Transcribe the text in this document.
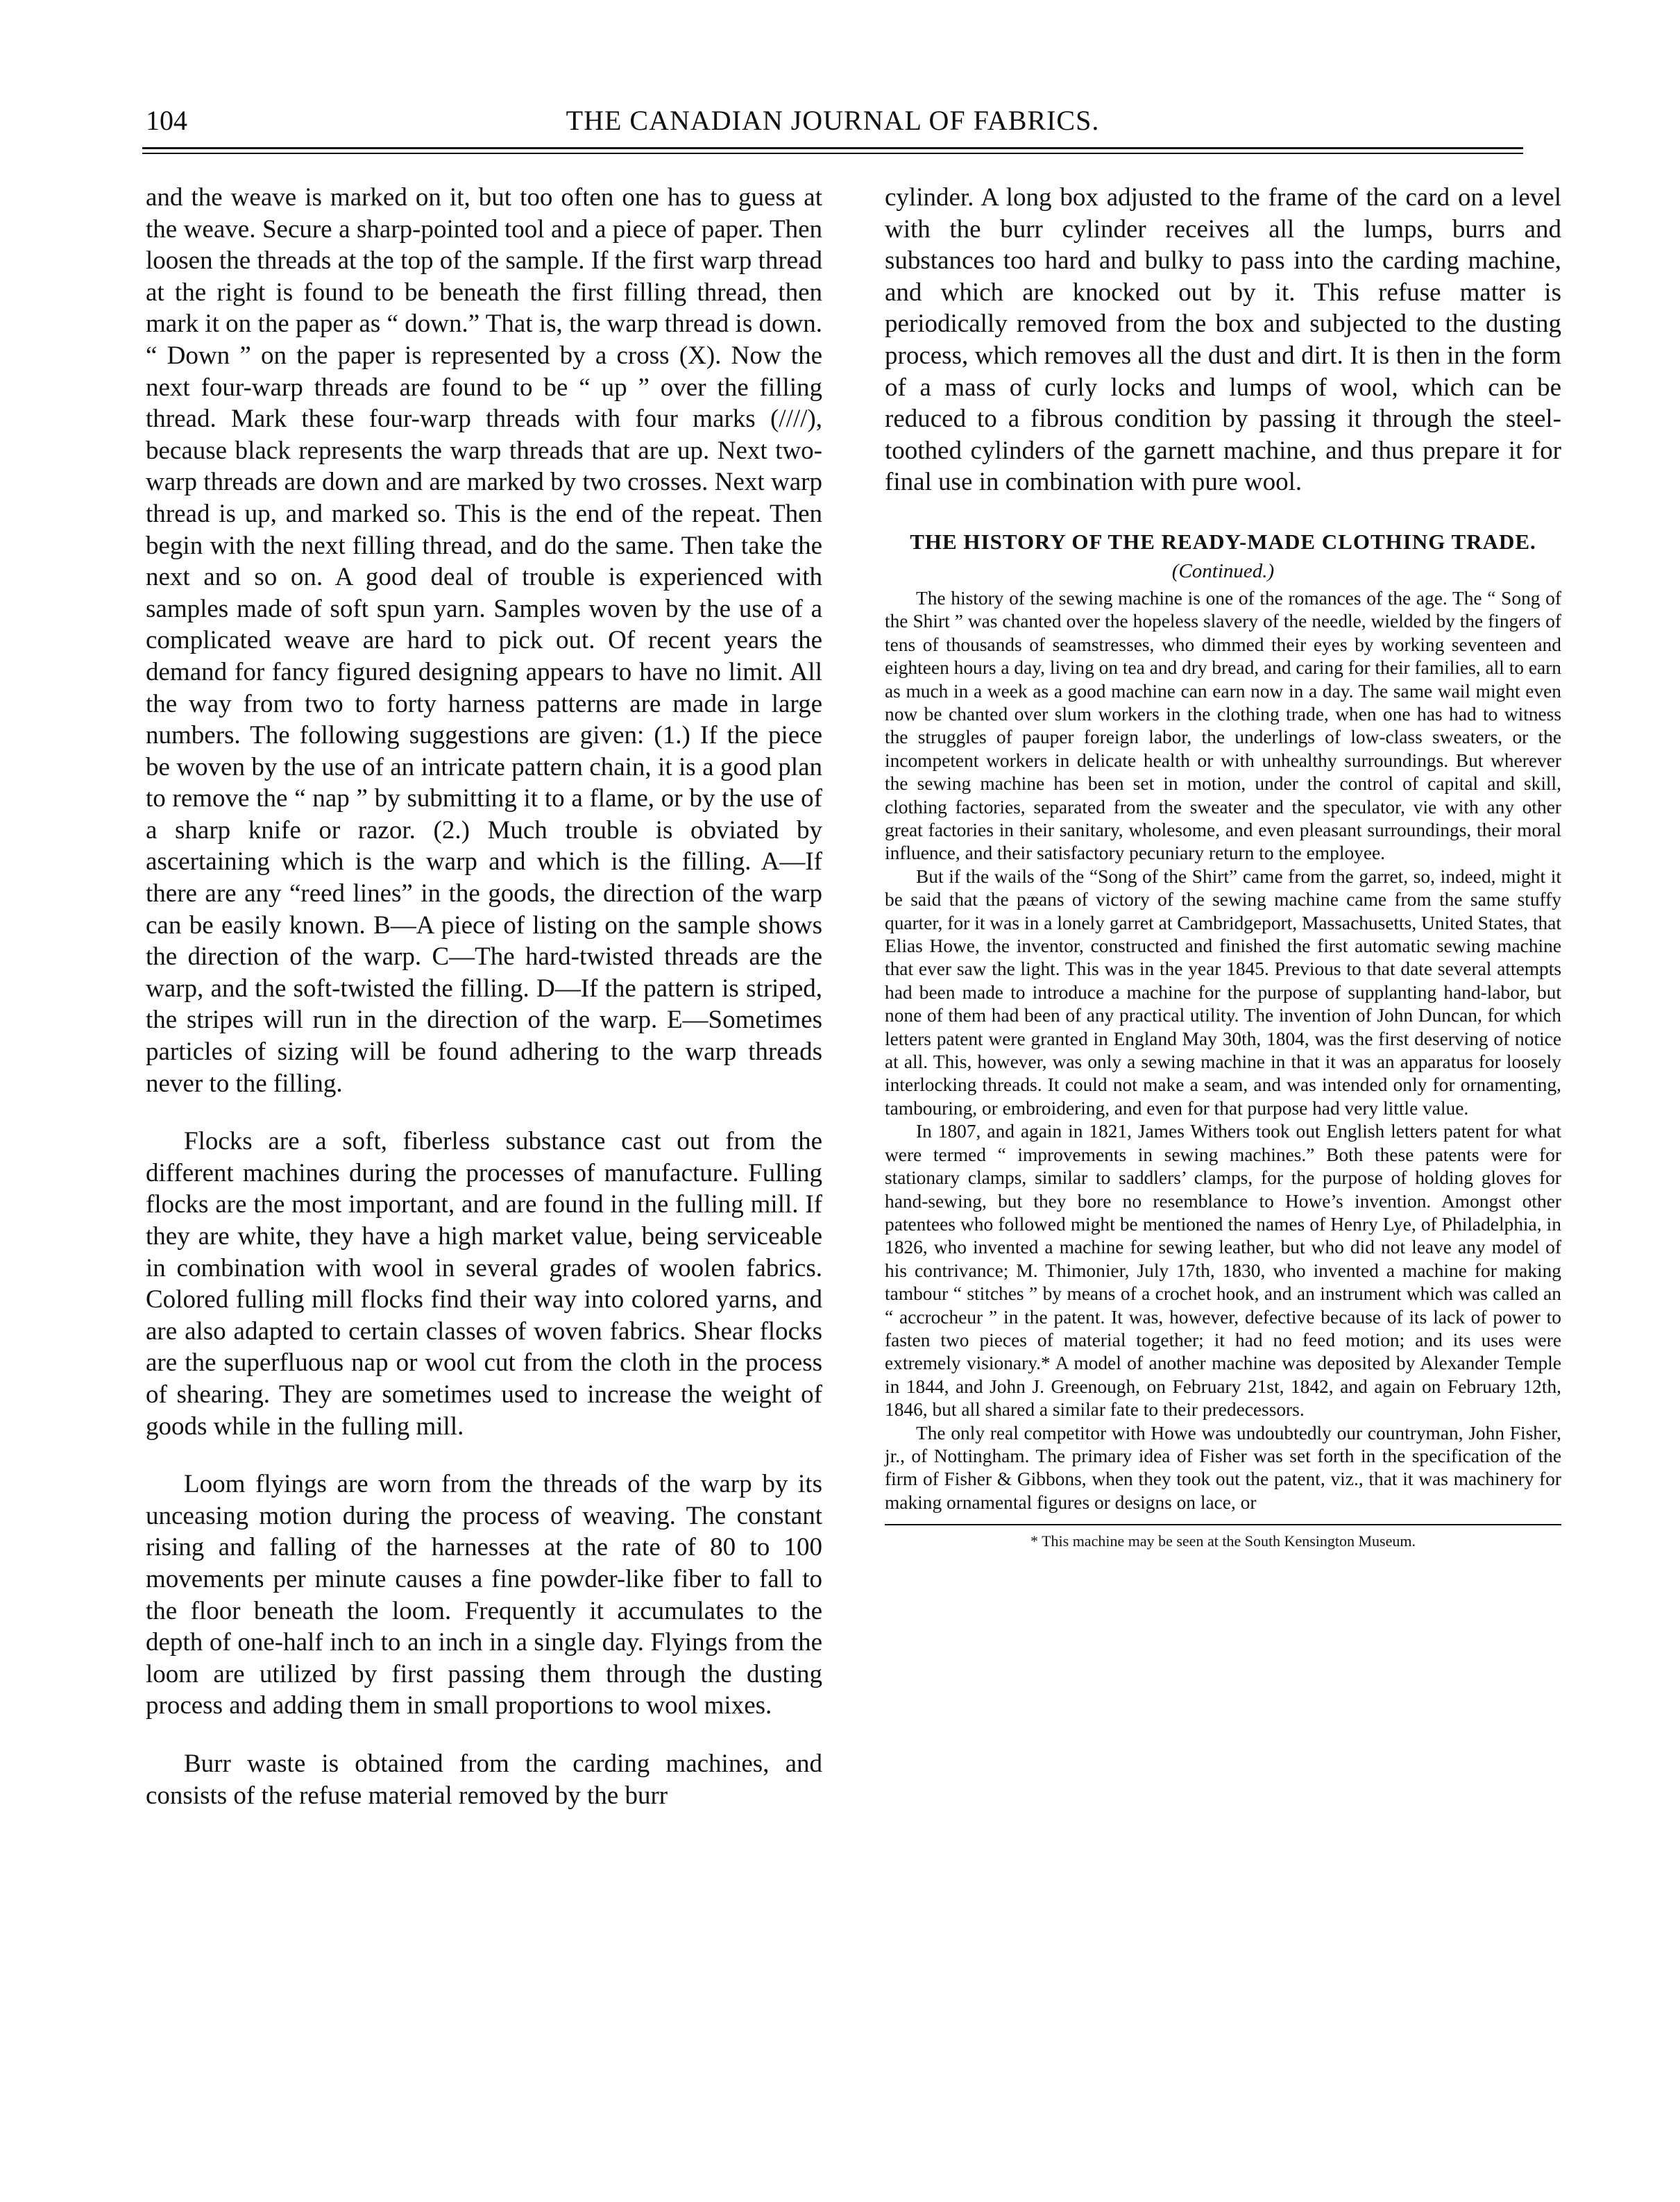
104	THE CANADIAN JOURNAL OF FABRICS.

and the weave is marked on it, but too often one has to guess at the weave. Secure a sharp-pointed tool and a piece of paper. Then loosen the threads at the top of the sample. If the first warp thread at the right is found to be beneath the first filling thread, then mark it on the paper as “ down.” That is, the warp thread is down. “ Down ” on the paper is represented by a cross (X). Now the next four-warp threads are found to be “ up ” over the filling thread. Mark these four-warp threads with four marks (////), because black represents the warp threads that are up. Next two-warp threads are down and are marked by two crosses. Next warp thread is up, and marked so. This is the end of the repeat. Then begin with the next filling thread, and do the same. Then take the next and so on. A good deal of trouble is experienced with samples made of soft spun yarn. Samples woven by the use of a complicated weave are hard to pick out. Of recent years the demand for fancy figured designing appears to have no limit. All the way from two to forty harness patterns are made in large numbers. The following suggestions are given: (1.) If the piece be woven by the use of an intricate pattern chain, it is a good plan to remove the “ nap ” by submitting it to a flame, or by the use of a sharp knife or razor. (2.) Much trouble is obviated by ascertaining which is the warp and which is the filling. A—If there are any “reed lines” in the goods, the direction of the warp can be easily known. B—A piece of listing on the sample shows the direction of the warp. C—The hard-twisted threads are the warp, and the soft-twisted the filling. D—If the pattern is striped, the stripes will run in the direction of the warp. E—Sometimes particles of sizing will be found adhering to the warp threads never to the filling.

Flocks are a soft, fiberless substance cast out from the different machines during the processes of manufacture. Fulling flocks are the most important, and are found in the fulling mill. If they are white, they have a high market value, being serviceable in combination with wool in several grades of woolen fabrics. Colored fulling mill flocks find their way into colored yarns, and are also adapted to certain classes of woven fabrics. Shear flocks are the superfluous nap or wool cut from the cloth in the process of shearing. They are sometimes used to increase the weight of goods while in the fulling mill.

Loom flyings are worn from the threads of the warp by its unceasing motion during the process of weaving. The constant rising and falling of the harnesses at the rate of 80 to 100 movements per minute causes a fine powder-like fiber to fall to the floor beneath the loom. Frequently it accumulates to the depth of one-half inch to an inch in a single day. Flyings from the loom are utilized by first passing them through the dusting process and adding them in small proportions to wool mixes.

Burr waste is obtained from the carding machines, and consists of the refuse material removed by the burr

cylinder. A long box adjusted to the frame of the card on a level with the burr cylinder receives all the lumps, burrs and substances too hard and bulky to pass into the carding machine, and which are knocked out by it. This refuse matter is periodically removed from the box and subjected to the dusting process, which removes all the dust and dirt. It is then in the form of a mass of curly locks and lumps of wool, which can be reduced to a fibrous condition by passing it through the steel-toothed cylinders of the garnett machine, and thus prepare it for final use in combination with pure wool.

THE HISTORY OF THE READY-MADE CLOTHING TRADE.
(Continued.)

The history of the sewing machine is one of the romances of the age. The “ Song of the Shirt ” was chanted over the hopeless slavery of the needle, wielded by the fingers of tens of thousands of seamstresses, who dimmed their eyes by working seventeen and eighteen hours a day, living on tea and dry bread, and caring for their families, all to earn as much in a week as a good machine can earn now in a day. The same wail might even now be chanted over slum workers in the clothing trade, when one has had to witness the struggles of pauper foreign labor, the underlings of low-class sweaters, or the incompetent workers in delicate health or with unhealthy surroundings. But wherever the sewing machine has been set in motion, under the control of capital and skill, clothing factories, separated from the sweater and the speculator, vie with any other great factories in their sanitary, wholesome, and even pleasant surroundings, their moral influence, and their satisfactory pecuniary return to the employee.

But if the wails of the “Song of the Shirt” came from the garret, so, indeed, might it be said that the pæans of victory of the sewing machine came from the same stuffy quarter, for it was in a lonely garret at Cambridgeport, Massachusetts, United States, that Elias Howe, the inventor, constructed and finished the first automatic sewing machine that ever saw the light. This was in the year 1845. Previous to that date several attempts had been made to introduce a machine for the purpose of supplanting hand-labor, but none of them had been of any practical utility. The invention of John Duncan, for which letters patent were granted in England May 30th, 1804, was the first deserving of notice at all. This, however, was only a sewing machine in that it was an apparatus for loosely interlocking threads. It could not make a seam, and was intended only for ornamenting, tambouring, or embroidering, and even for that purpose had very little value.

In 1807, and again in 1821, James Withers took out English letters patent for what were termed “ improvements in sewing machines.” Both these patents were for stationary clamps, similar to saddlers’ clamps, for the purpose of holding gloves for hand-sewing, but they bore no resemblance to Howe’s invention. Amongst other patentees who followed might be mentioned the names of Henry Lye, of Philadelphia, in 1826, who invented a machine for sewing leather, but who did not leave any model of his contrivance; M. Thimonier, July 17th, 1830, who invented a machine for making tambour “ stitches ” by means of a crochet hook, and an instrument which was called an “ accrocheur ” in the patent. It was, however, defective because of its lack of power to fasten two pieces of material together; it had no feed motion; and its uses were extremely visionary.* A model of another machine was deposited by Alexander Temple in 1844, and John J. Greenough, on February 21st, 1842, and again on February 12th, 1846, but all shared a similar fate to their predecessors.

The only real competitor with Howe was undoubtedly our countryman, John Fisher, jr., of Nottingham. The primary idea of Fisher was set forth in the specification of the firm of Fisher & Gibbons, when they took out the patent, viz., that it was machinery for making ornamental figures or designs on lace, or

* This machine may be seen at the South Kensington Museum.
